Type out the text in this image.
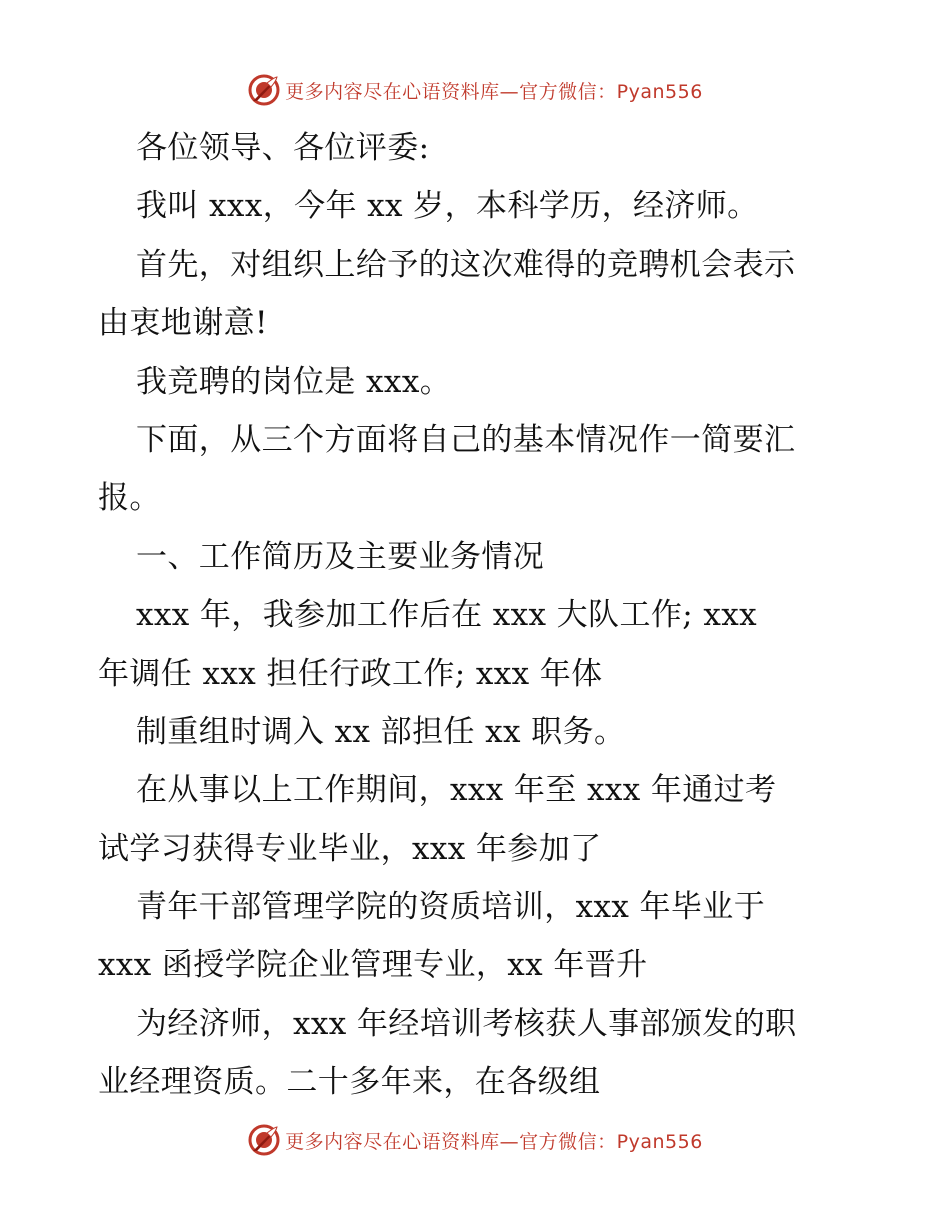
更多内容尽在心语资料库—官方微信：Pyan556
各位领导、各位评委:
我叫 xxx，今年 xx 岁，本科学历，经济师。
首先，对组织上给予的这次难得的竞聘机会表示
由衷地谢意!
我竞聘的岗位是 xxx。
下面，从三个方面将自己的基本情况作一简要汇
报。
一、工作简历及主要业务情况
xxx 年，我参加工作后在 xxx 大队工作; xxx
年调任 xxx 担任行政工作; xxx 年体
制重组时调入 xx 部担任 xx 职务。
在从事以上工作期间，xxx 年至 xxx 年通过考
试学习获得专业毕业，xxx 年参加了
青年干部管理学院的资质培训，xxx 年毕业于
xxx 函授学院企业管理专业，xx 年晋升
为经济师，xxx 年经培训考核获人事部颁发的职
业经理资质。二十多年来，在各级组
更多内容尽在心语资料库—官方微信：Pyan556
